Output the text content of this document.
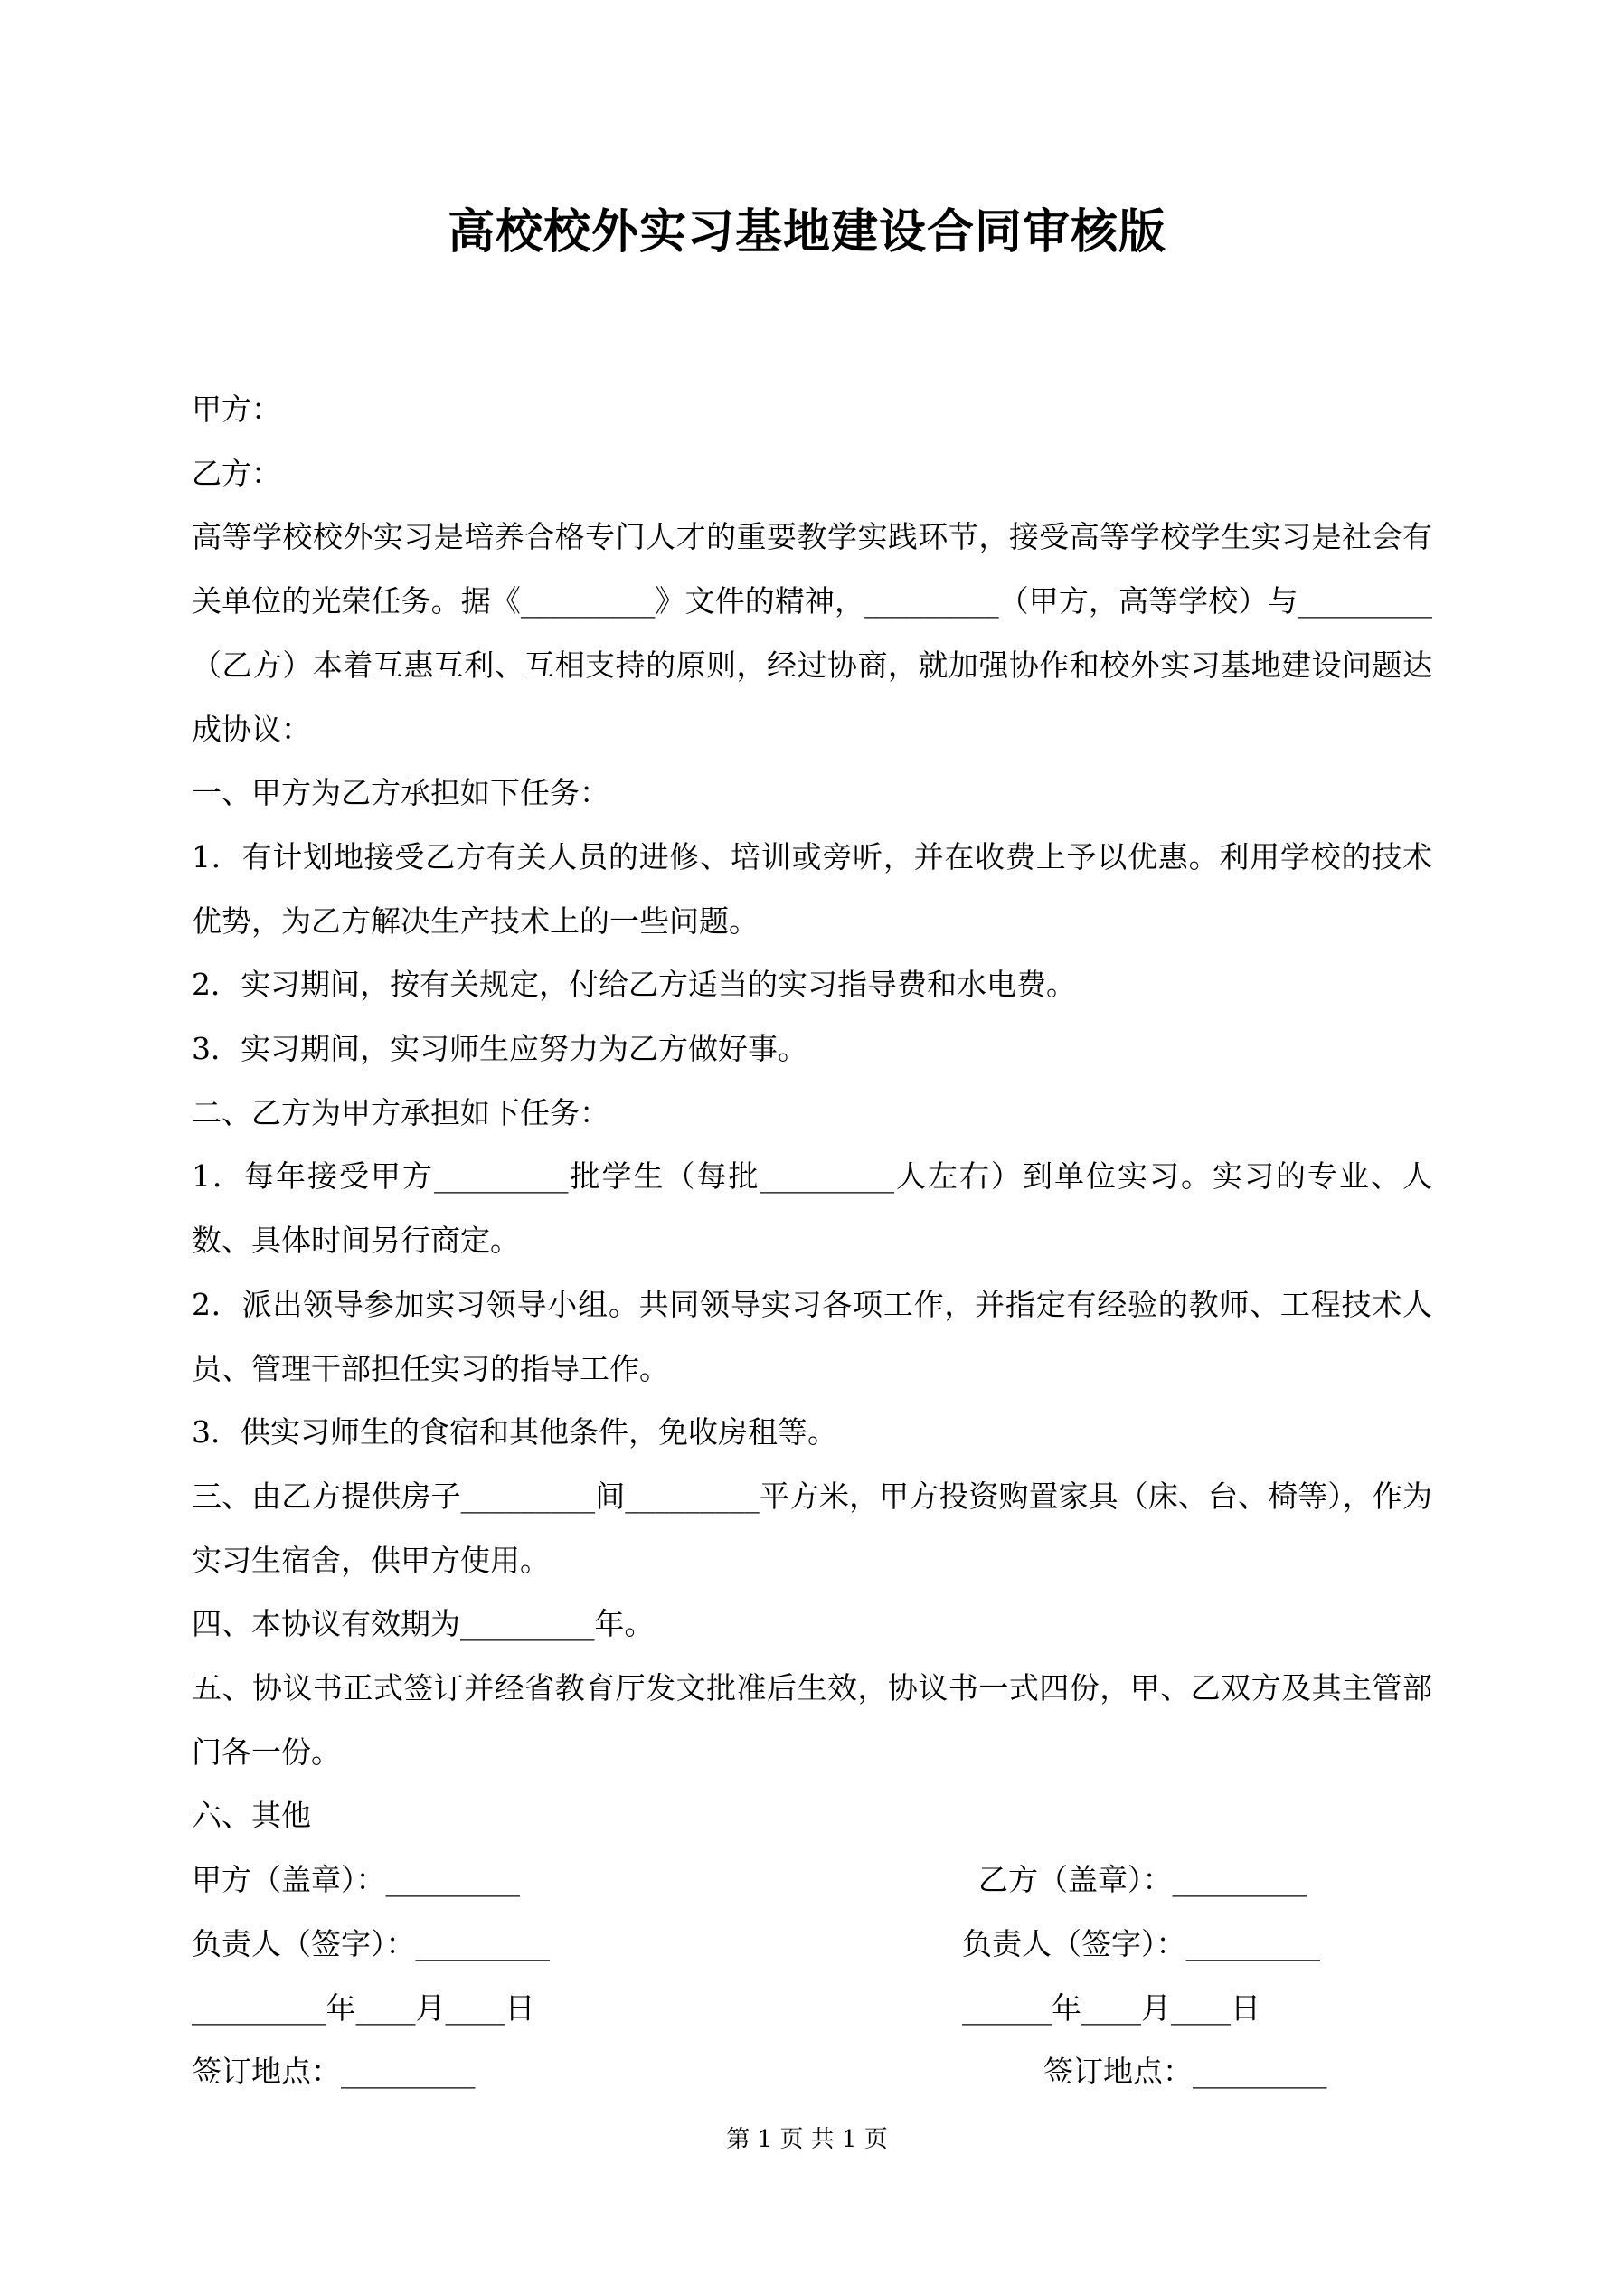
高校校外实习基地建设合同审核版

甲方：

乙方：

高等学校校外实习是培养合格专门人才的重要教学实践环节，接受高等学校学生实习是社会有关单位的光荣任务。据《_________》文件的精神，_________（甲方，高等学校）与_________（乙方）本着互惠互利、互相支持的原则，经过协商，就加强协作和校外实习基地建设问题达成协议：

一、甲方为乙方承担如下任务：

1．有计划地接受乙方有关人员的进修、培训或旁听，并在收费上予以优惠。利用学校的技术优势，为乙方解决生产技术上的一些问题。

2．实习期间，按有关规定，付给乙方适当的实习指导费和水电费。

3．实习期间，实习师生应努力为乙方做好事。

二、乙方为甲方承担如下任务：

1．每年接受甲方_________批学生（每批_________人左右）到单位实习。实习的专业、人数、具体时间另行商定。

2．派出领导参加实习领导小组。共同领导实习各项工作，并指定有经验的教师、工程技术人员、管理干部担任实习的指导工作。

3．供实习师生的食宿和其他条件，免收房租等。

三、由乙方提供房子_________间_________平方米，甲方投资购置家具（床、台、椅等），作为实习生宿舍，供甲方使用。

四、本协议有效期为_________年。

五、协议书正式签订并经省教育厅发文批准后生效，协议书一式四份，甲、乙双方及其主管部门各一份。

六、其他

甲方（盖章）：_________

	乙方（盖章）：_________

负责人（签字）：_________

	负责人（签字）：_________

_________年____月____日

	______年____月____日

签订地点：_________

	签订地点：_________

第 1 页 共 1 页
